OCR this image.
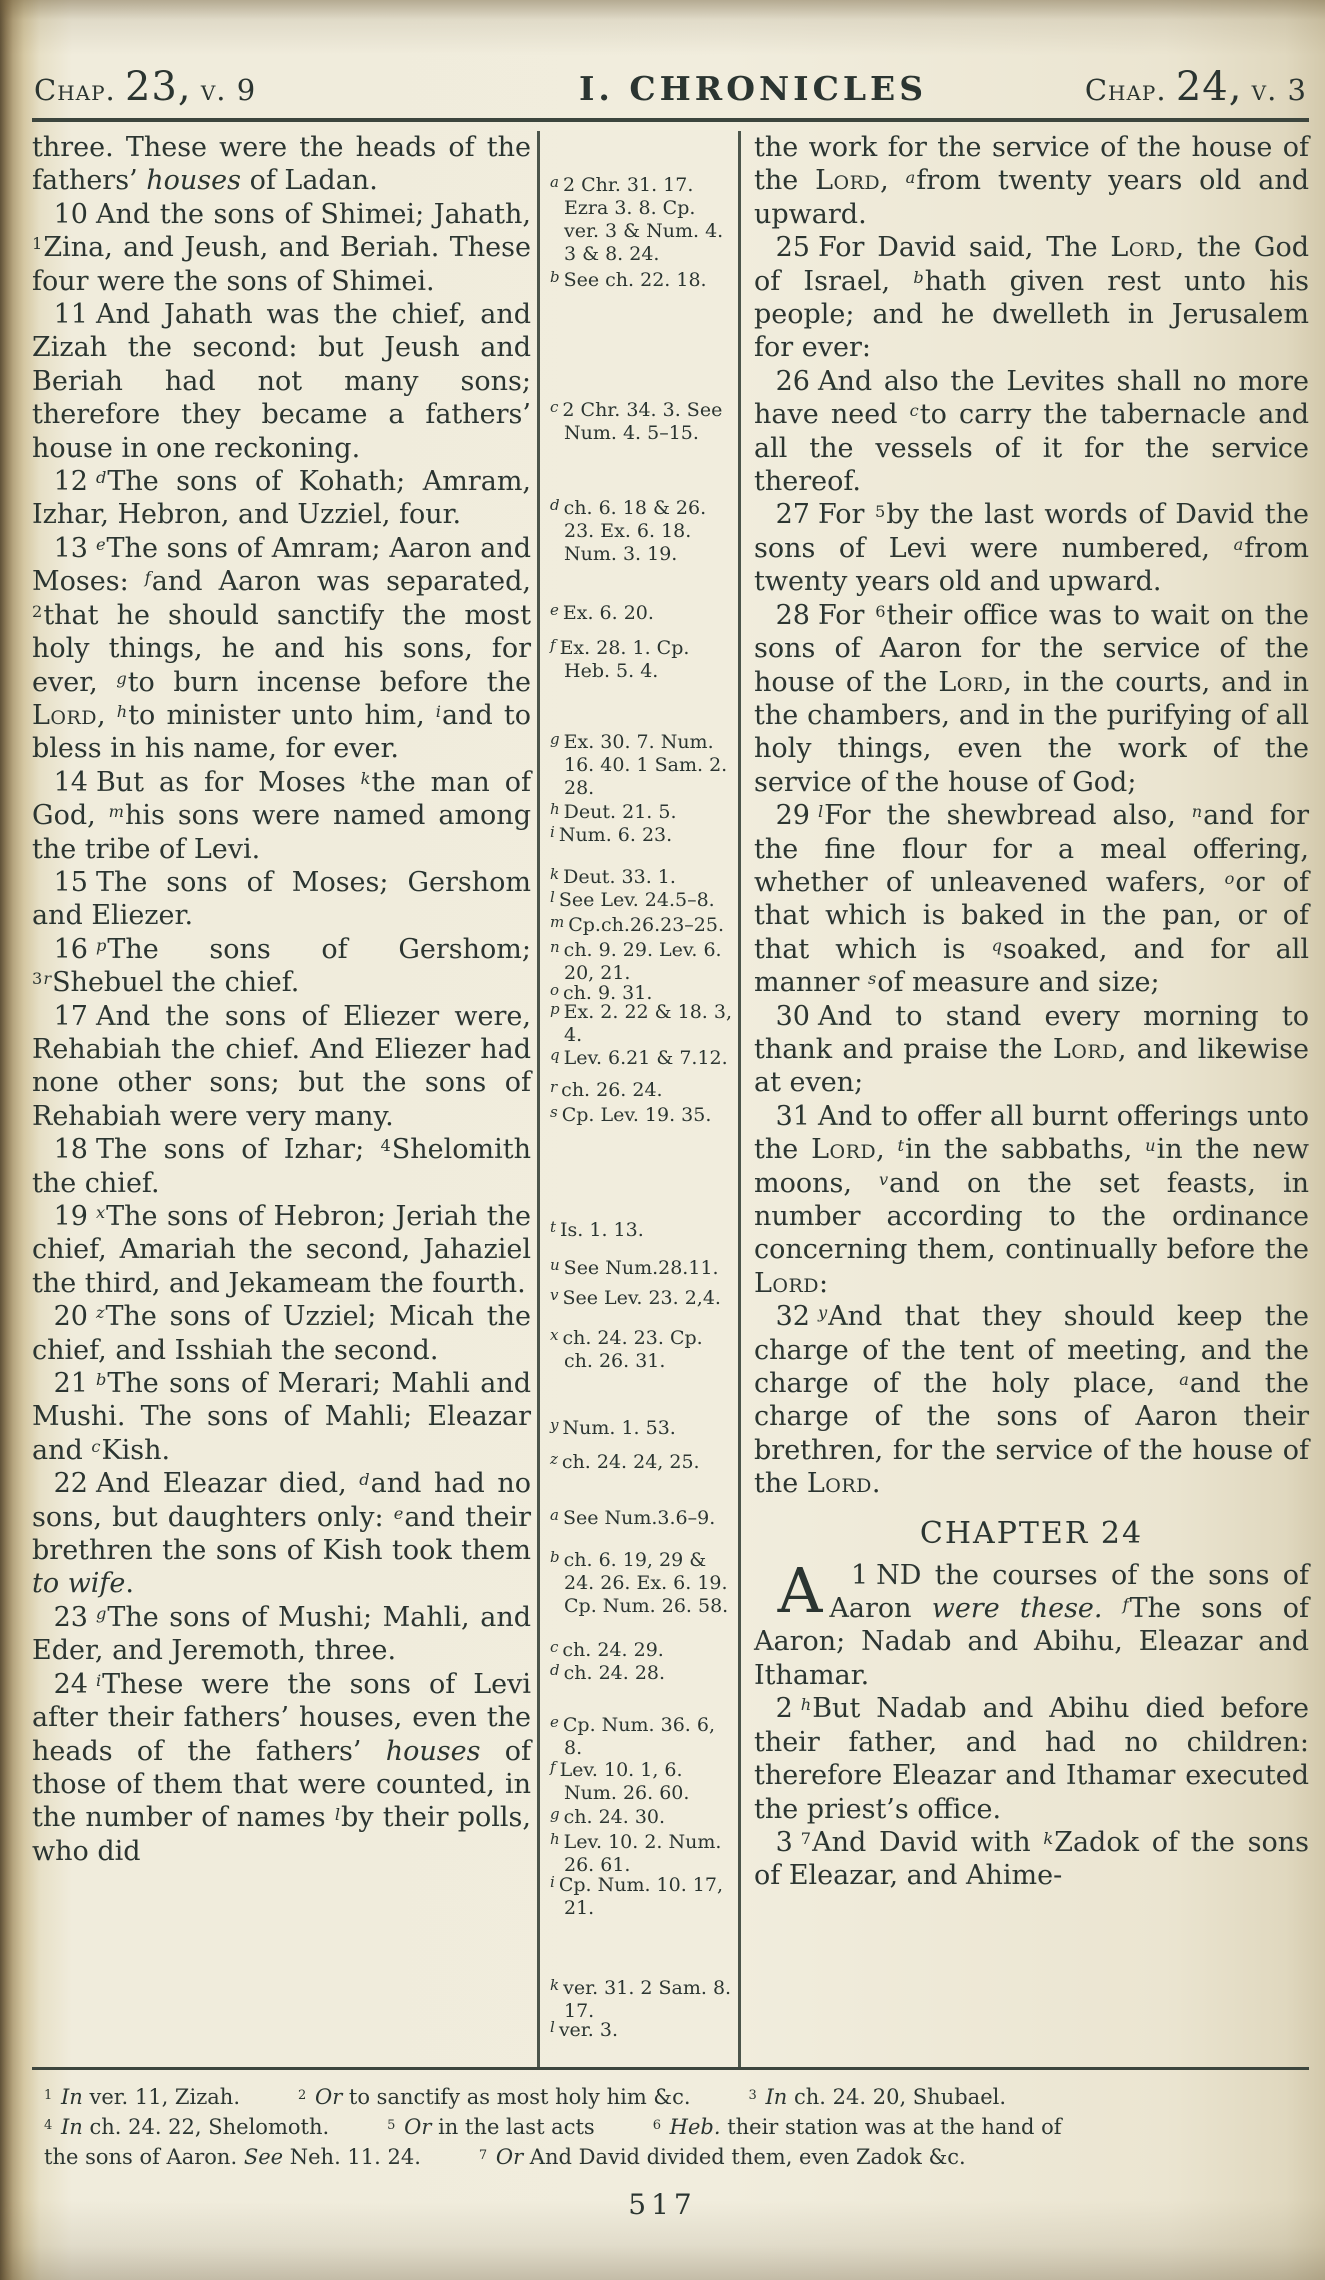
Chap. 23, v. 9	I. CHRONICLES	Chap. 24, v. 3

three. These were the heads of the fathers’ houses of Ladan.

10 And the sons of Shimei; Jahath, $^1$Zina, and Jeush, and Beriah. These four were the sons of Shimei.

11 And Jahath was the chief, and Zizah the second: but Jeush and Beriah had not many sons; therefore they became a fathers’ house in one reckoning.

12 $^d$The sons of Kohath; Amram, Izhar, Hebron, and Uzziel, four.

13 $^e$The sons of Amram; Aaron and Moses: $^f$and Aaron was separated, $^2$that he should sanctify the most holy things, he and his sons, for ever, $^g$to burn incense before the Lord, $^h$to minister unto him, $^i$and to bless in his name, for ever.

14 But as for Moses $^k$the man of God, $^m$his sons were named among the tribe of Levi.

15 The sons of Moses; Gershom and Eliezer.

16 $^p$The sons of Gershom; $^{3r}$Shebuel the chief.

17 And the sons of Eliezer were, Rehabiah the chief. And Eliezer had none other sons; but the sons of Rehabiah were very many.

18 The sons of Izhar; $^4$Shelomith the chief.

19 $^x$The sons of Hebron; Jeriah the chief, Amariah the second, Jahaziel the third, and Jekameam the fourth.

20 $^z$The sons of Uzziel; Micah the chief, and Isshiah the second.

21 $^b$The sons of Merari; Mahli and Mushi. The sons of Mahli; Eleazar and $^c$Kish.

22 And Eleazar died, $^d$and had no sons, but daughters only: $^e$and their brethren the sons of Kish took them to wife.

23 $^g$The sons of Mushi; Mahli, and Eder, and Jeremoth, three.

24 $^i$These were the sons of Levi after their fathers’ houses, even the heads of the fathers’ houses of those of them that were counted, in the number of names $^l$by their polls, who did

$^a$ 2 Chr. 31. 17. Ezra 3. 8. Cp. ver. 3 & Num. 4. 3 & 8. 24.
$^b$ See ch. 22. 18.
$^c$ 2 Chr. 34. 3. See Num. 4. 5–15.
$^d$ ch. 6. 18 & 26. 23. Ex. 6. 18. Num. 3. 19.
$^e$ Ex. 6. 20.
$^f$ Ex. 28. 1. Cp. Heb. 5. 4.
$^g$ Ex. 30. 7. Num. 16. 40. 1 Sam. 2. 28.
$^h$ Deut. 21. 5.
$^i$ Num. 6. 23.
$^k$ Deut. 33. 1.
$^l$ See Lev. 24.5–8.
$^m$ Cp.ch.26.23–25.
$^n$ ch. 9. 29. Lev. 6. 20, 21.
$^o$ ch. 9. 31.
$^p$ Ex. 2. 22 & 18. 3, 4.
$^q$ Lev. 6.21 & 7.12.
$^r$ ch. 26. 24.
$^s$ Cp. Lev. 19. 35.
$^t$ Is. 1. 13.
$^u$ See Num.28.11.
$^v$ See Lev. 23. 2,4.
$^x$ ch. 24. 23. Cp. ch. 26. 31.
$^y$ Num. 1. 53.
$^z$ ch. 24. 24, 25.
$^a$ See Num.3.6–9.
$^b$ ch. 6. 19, 29 & 24. 26. Ex. 6. 19. Cp. Num. 26. 58.
$^c$ ch. 24. 29.
$^d$ ch. 24. 28.
$^e$ Cp. Num. 36. 6, 8.
$^f$ Lev. 10. 1, 6. Num. 26. 60.
$^g$ ch. 24. 30.
$^h$ Lev. 10. 2. Num. 26. 61.
$^i$ Cp. Num. 10. 17, 21.
$^k$ ver. 31. 2 Sam. 8. 17.
$^l$ ver. 3.

the work for the service of the house of the Lord, $^a$from twenty years old and upward.

25 For David said, The Lord, the God of Israel, $^b$hath given rest unto his people; and he dwelleth in Jerusalem for ever:

26 And also the Levites shall no more have need $^c$to carry the tabernacle and all the vessels of it for the service thereof.

27 For $^5$by the last words of David the sons of Levi were numbered, $^a$from twenty years old and upward.

28 For $^6$their office was to wait on the sons of Aaron for the service of the house of the Lord, in the courts, and in the chambers, and in the purifying of all holy things, even the work of the service of the house of God;

29 $^l$For the shewbread also, $^n$and for the fine flour for a meal offering, whether of unleavened wafers, $^o$or of that which is baked in the pan, or of that which is $^q$soaked, and for all manner $^s$of measure and size;

30 And to stand every morning to thank and praise the Lord, and likewise at even;

31 And to offer all burnt offerings unto the Lord, $^t$in the sabbaths, $^u$in the new moons, $^v$and on the set feasts, in number according to the ordinance concerning them, continually before the Lord:

32 $^y$And that they should keep the charge of the tent of meeting, and the charge of the holy place, $^a$and the charge of the sons of Aaron their brethren, for the service of the house of the Lord.

CHAPTER 24

1
A ND the courses of the sons of Aaron were these. $^f$The sons of Aaron; Nadab and Abihu, Eleazar and Ithamar.

2 $^h$But Nadab and Abihu died before their father, and had no children: therefore Eleazar and Ithamar executed the priest’s office.

3 $^7$And David with $^k$Zadok of the sons of Eleazar, and Ahime-

$^1$ In ver. 11, Zizah.	$^2$ Or to sanctify as most holy him &c.	$^3$ In ch. 24. 20, Shubael.
$^4$ In ch. 24. 22, Shelomoth.	$^5$ Or in the last acts	$^6$ Heb. their station was at the hand of
the sons of Aaron. See Neh. 11. 24.	$^7$ Or And David divided them, even Zadok &c.
517
